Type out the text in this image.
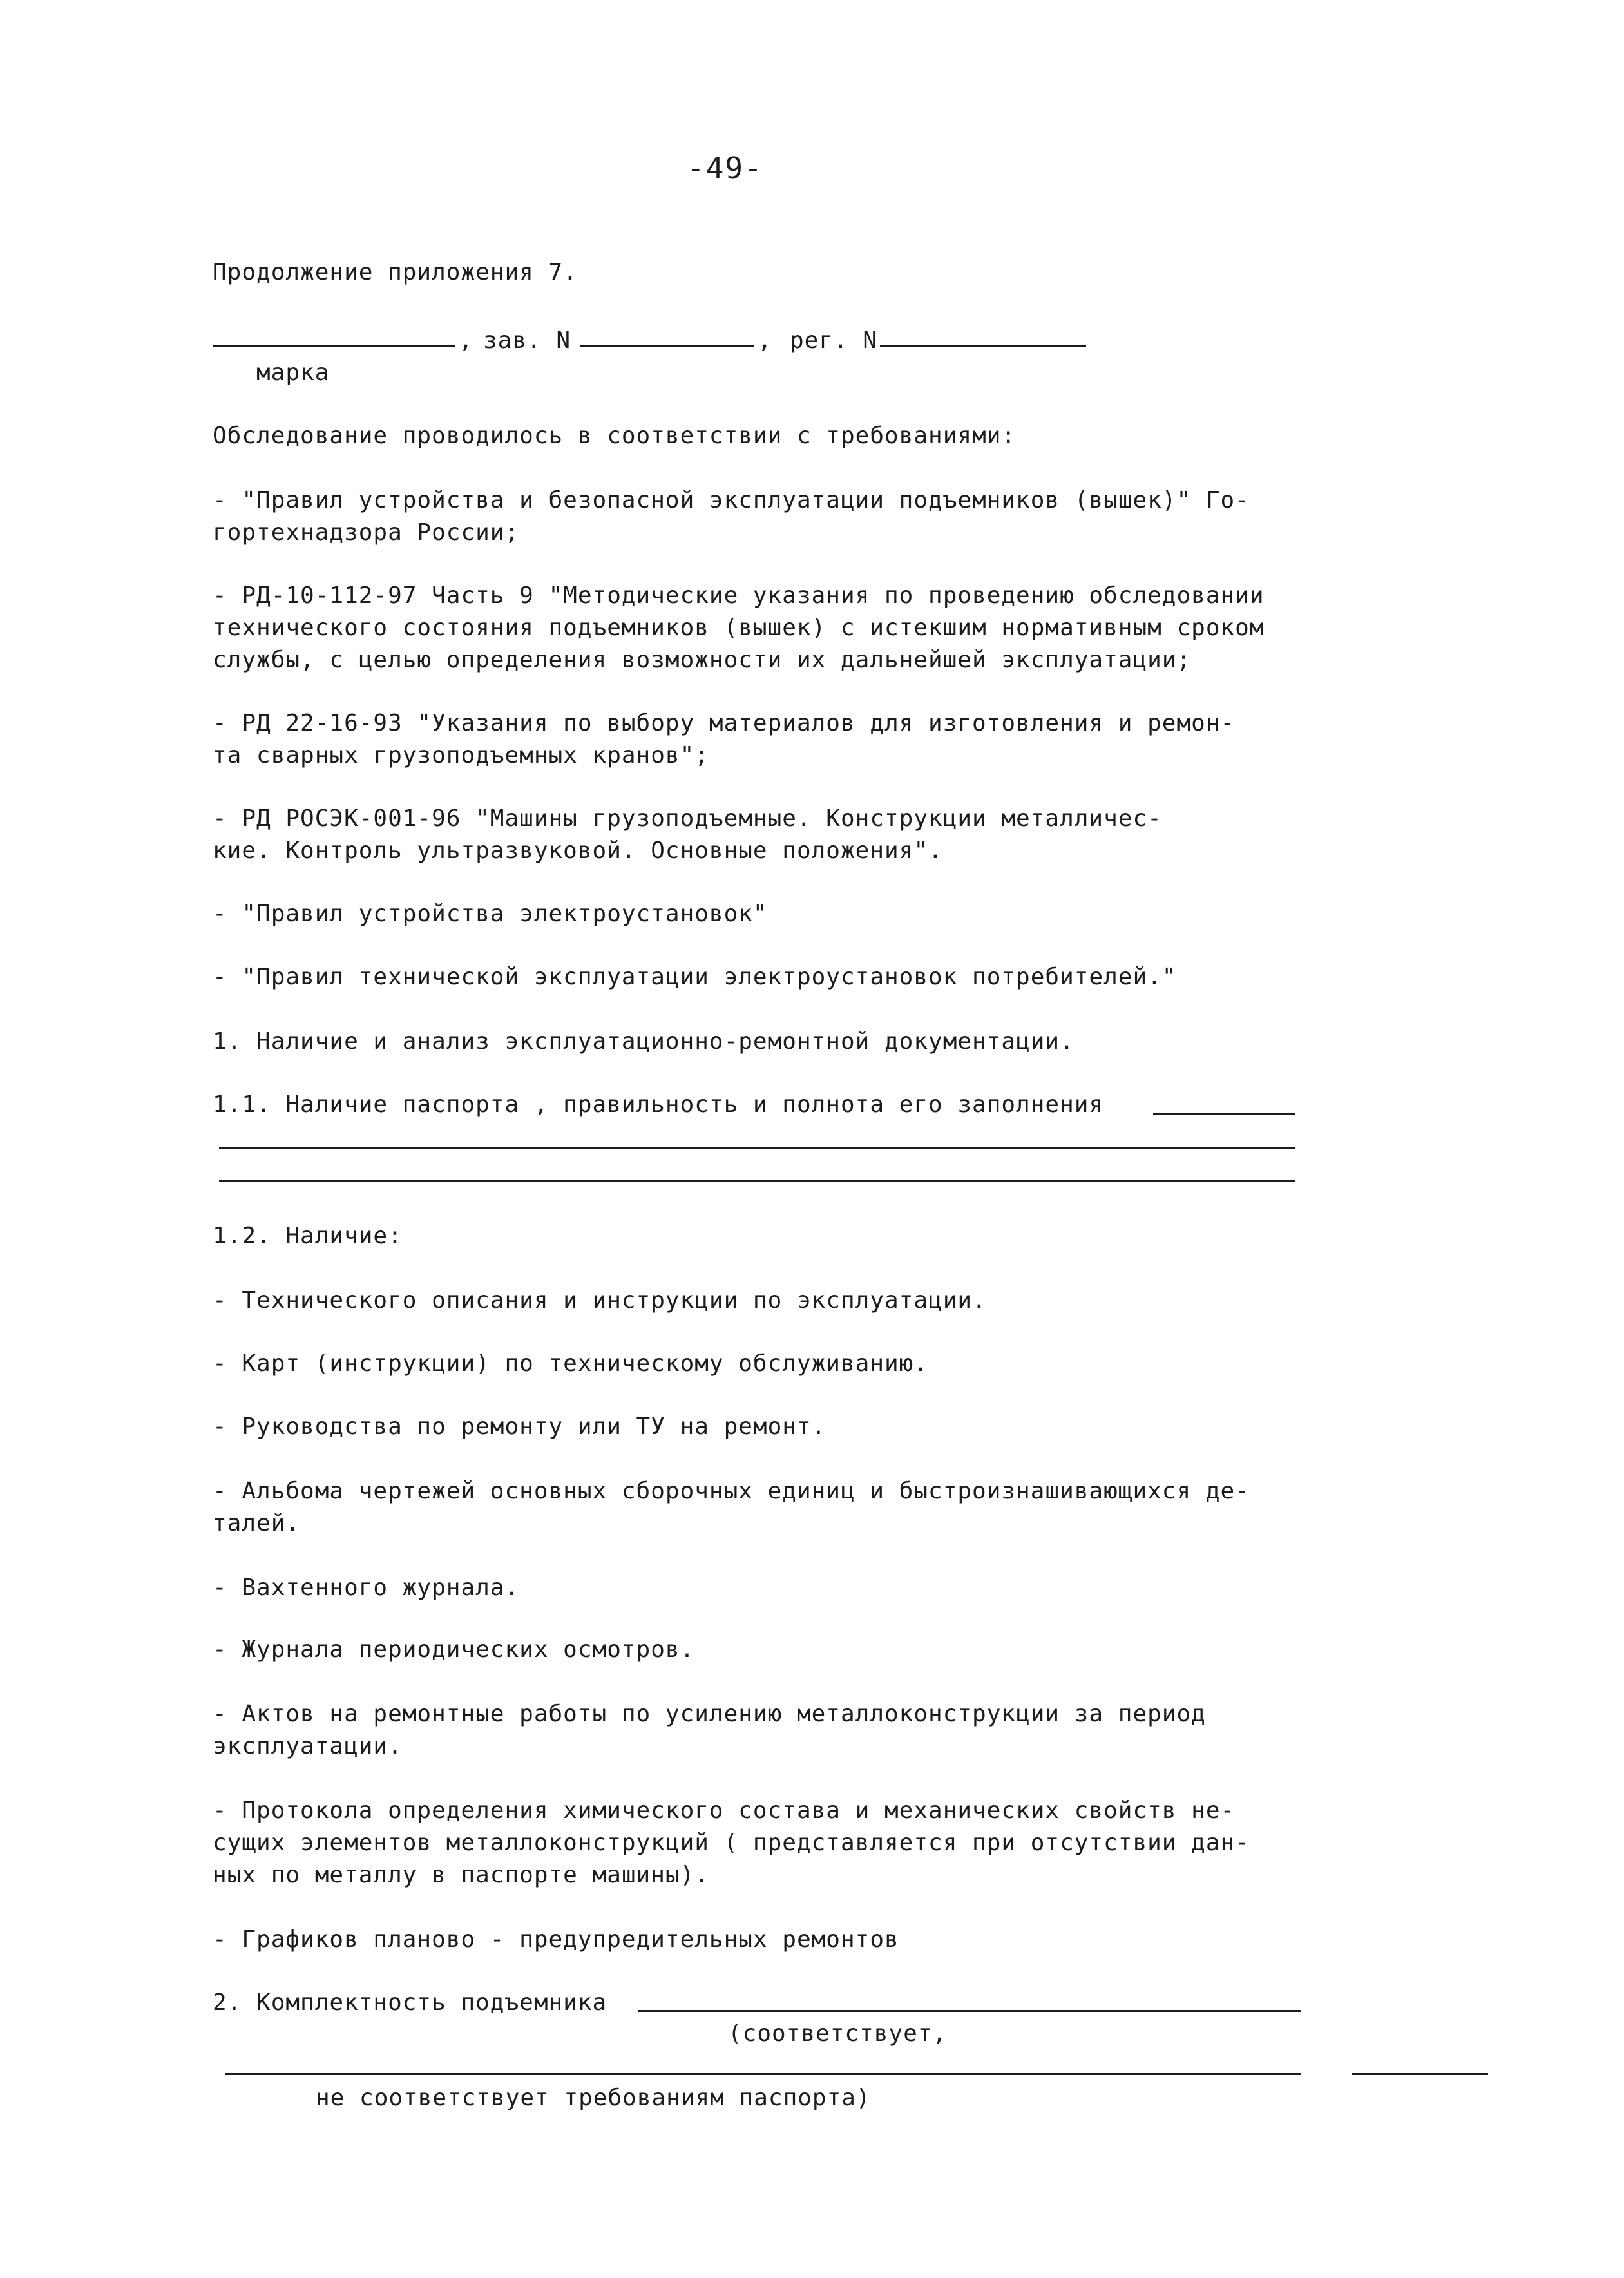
-49-
Продолжение приложения 7.
, зав. N	, рег. N
марка
Обследование проводилось в соответствии с требованиями:
- "Правил устройства и безопасной эксплуатации подъемников (вышек)" Го-
гортехнадзора России;
- РД-10-112-97 Часть 9 "Методические указания по проведению обследовании
технического состояния подъемников (вышек) с истекшим нормативным сроком
службы, с целью определения возможности их дальнейшей эксплуатации;
- РД 22-16-93 "Указания по выбору материалов для изготовления и ремон-
та сварных грузоподъемных кранов";
- РД РОСЭК-001-96 "Машины грузоподъемные. Конструкции металличес-
кие. Контроль ультразвуковой. Основные положения".
- "Правил устройства электроустановок"
- "Правил технической эксплуатации электроустановок потребителей."
1. Наличие и анализ эксплуатационно-ремонтной документации.
1.1. Наличие паспорта , правильность и полнота его заполнения
1.2. Наличие:
- Технического описания и инструкции по эксплуатации.
- Карт (инструкции) по техническому обслуживанию.
- Руководства по ремонту или ТУ на ремонт.
- Альбома чертежей основных сборочных единиц и быстроизнашивающихся де-
талей.
- Вахтенного журнала.
- Журнала периодических осмотров.
- Актов на ремонтные работы по усилению металлоконструкции за период
эксплуатации.
- Протокола определения химического состава и механических свойств не-
сущих элементов металлоконструкций ( представляется при отсутствии дан-
ных по металлу в паспорте машины).
- Графиков планово - предупредительных ремонтов
2. Комплектность подъемника
(соответствует,
не соответствует требованиям паспорта)
